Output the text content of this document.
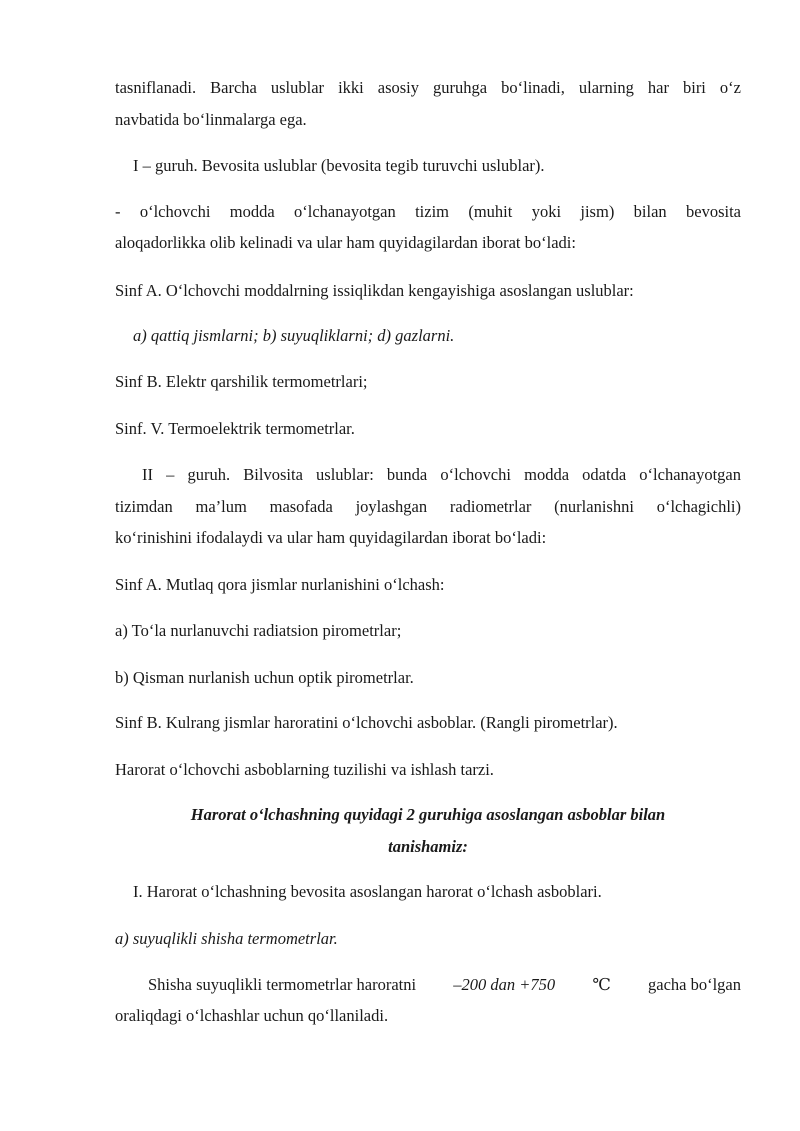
tasniflanadi. Barcha uslublar ikki asosiy guruhga bo‘linadi, ularning har biri o‘z
navbatida bo‘linmalarga ega.
I – guruh. Bevosita uslublar (bevosita tegib turuvchi uslublar).
- o‘lchovchi modda o‘lchanayotgan tizim (muhit yoki jism) bilan bevosita
aloqadorlikka olib kelinadi va ular ham quyidagilardan iborat bo‘ladi:
Sinf A. O‘lchovchi moddalrning issiqlikdan kengayishiga asoslangan uslublar:
a) qattiq jismlarni; b) suyuqliklarni; d) gazlarni.
Sinf B. Elektr qarshilik termometrlari;
Sinf. V. Termoelektrik termometrlar.
II – guruh. Bilvosita uslublar: bunda o‘lchovchi modda odatda o‘lchanayotgan
tizimdan ma’lum masofada joylashgan radiometrlar (nurlanishni o‘lchagichli)
ko‘rinishini ifodalaydi va ular ham quyidagilardan iborat bo‘ladi:
Sinf A. Mutlaq qora jismlar nurlanishini o‘lchash:
a) To‘la nurlanuvchi radiatsion pirometrlar;
b) Qisman nurlanish uchun optik pirometrlar.
Sinf B. Kulrang jismlar haroratini o‘lchovchi asboblar. (Rangli pirometrlar).
Harorat o‘lchovchi asboblarning tuzilishi va ishlash tarzi.
Harorat o‘lchashning quyidagi 2 guruhiga asoslangan asboblar bilan
tanishamiz:
I. Harorat o‘lchashning bevosita asoslangan harorat o‘lchash asboblari.
a) suyuqlikli shisha termometrlar.
Shisha suyuqlikli termometrlar haroratni –200 dan +750 ℃ gacha bo‘lgan
oraliqdagi o‘lchashlar uchun qo‘llaniladi.
